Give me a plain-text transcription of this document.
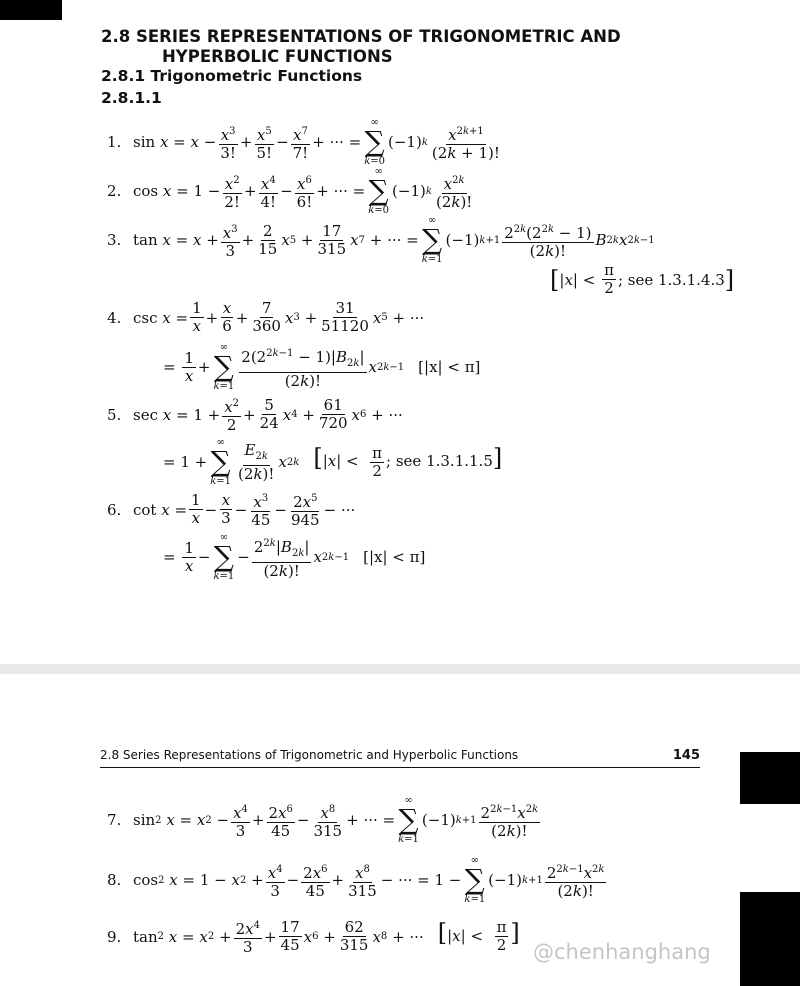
2.8 SERIES REPRESENTATIONS OF TRIGONOMETRIC AND
HYPERBOLIC FUNCTIONS
2.8.1 Trigonometric Functions
2.8.1.1
1. $\sin x = x - \frac{x^3}{3!} + \frac{x^5}{5!} - \frac{x^7}{7!}$ + ··· =
∞
∑
k=0
(−1) k $\frac{x^{2k+1}}{(2k + 1)!}$
2. $\cos x = 1 - \frac{x^2}{2!} + \frac{x^4}{4!} - \frac{x^6}{6!}$ + ··· =
∞
∑
k=0
(−1) k $\frac{x^{2k}}{(2k)!}$
3. $\tan x = x + \frac{x^3}{3} + \frac{2}{15}$ x $5 + \frac{17}{315}$ x 7 + ··· =
∞
∑
k=1
(−1) $k+1 \frac{2^{2k}(2^{2k} - 1)}{(2k)!}$ B 2k x 2k−1
[ | x | < $\frac{\pi}{2}$ ; see 1.3.1.4.3 ]
4. $\csc x = \frac{1}{x} + \frac{x}{6} + \frac{7}{360}$ x $3 + \frac{31}{51120}$ x 5 + ···
= $\frac{1}{x}$ +
∞
∑
$k=1 \frac{2(2^{2k-1} - 1)|B_{2k}|}{(2k)!}$ x 2k−1 [|x| < π]
5. $\sec x = 1 + \frac{x^2}{2} + \frac{5}{24}$ x $4 + \frac{61}{720}$ x 6 + ···
= 1 +
∞
∑
$k=1 \frac{E_{2k}}{(2k)!}$ x 2k [$|x| < \frac{\pi}{2}$ ; see 1.3.1.1.5]
6. $\cot x = \frac{1}{x} - \frac{x}{3} - \frac{x^3}{45} - \frac{2x^5}{945}$ − ···
= $\frac{1}{x}$ −
∞
∑
k=1
− $\frac{2^{2k}|B_{2k}|}{(2k)!}$ x 2k−1 [|x| < π]
2.8 Series Representations of Trigonometric and Hyperbolic Functions	145
7. sin 2
x = x $2 - \frac{x^4}{3} + \frac{2x^6}{45} - \frac{x^8}{315}$ + ··· =
∞
∑
k=1
(−1) $k+1 \frac{2^{2k-1}x^{2k}}{(2k)!}$
8. cos 2
x = 1 − x $2 + \frac{x^4}{3} - \frac{2x^6}{45} + \frac{x^8}{315}$ − ··· = 1 −
∞
∑
k=1
(−1) $k+1 \frac{2^{2k-1}x^{2k}}{(2k)!}$
9. tan 2
x = x $2 + \frac{2x^4}{3} + \frac{17}{45}$ x $6 + \frac{62}{315}$ x 8 + ··· [$|x| < \frac{\pi}{2}$ ]
@chenhanghang
